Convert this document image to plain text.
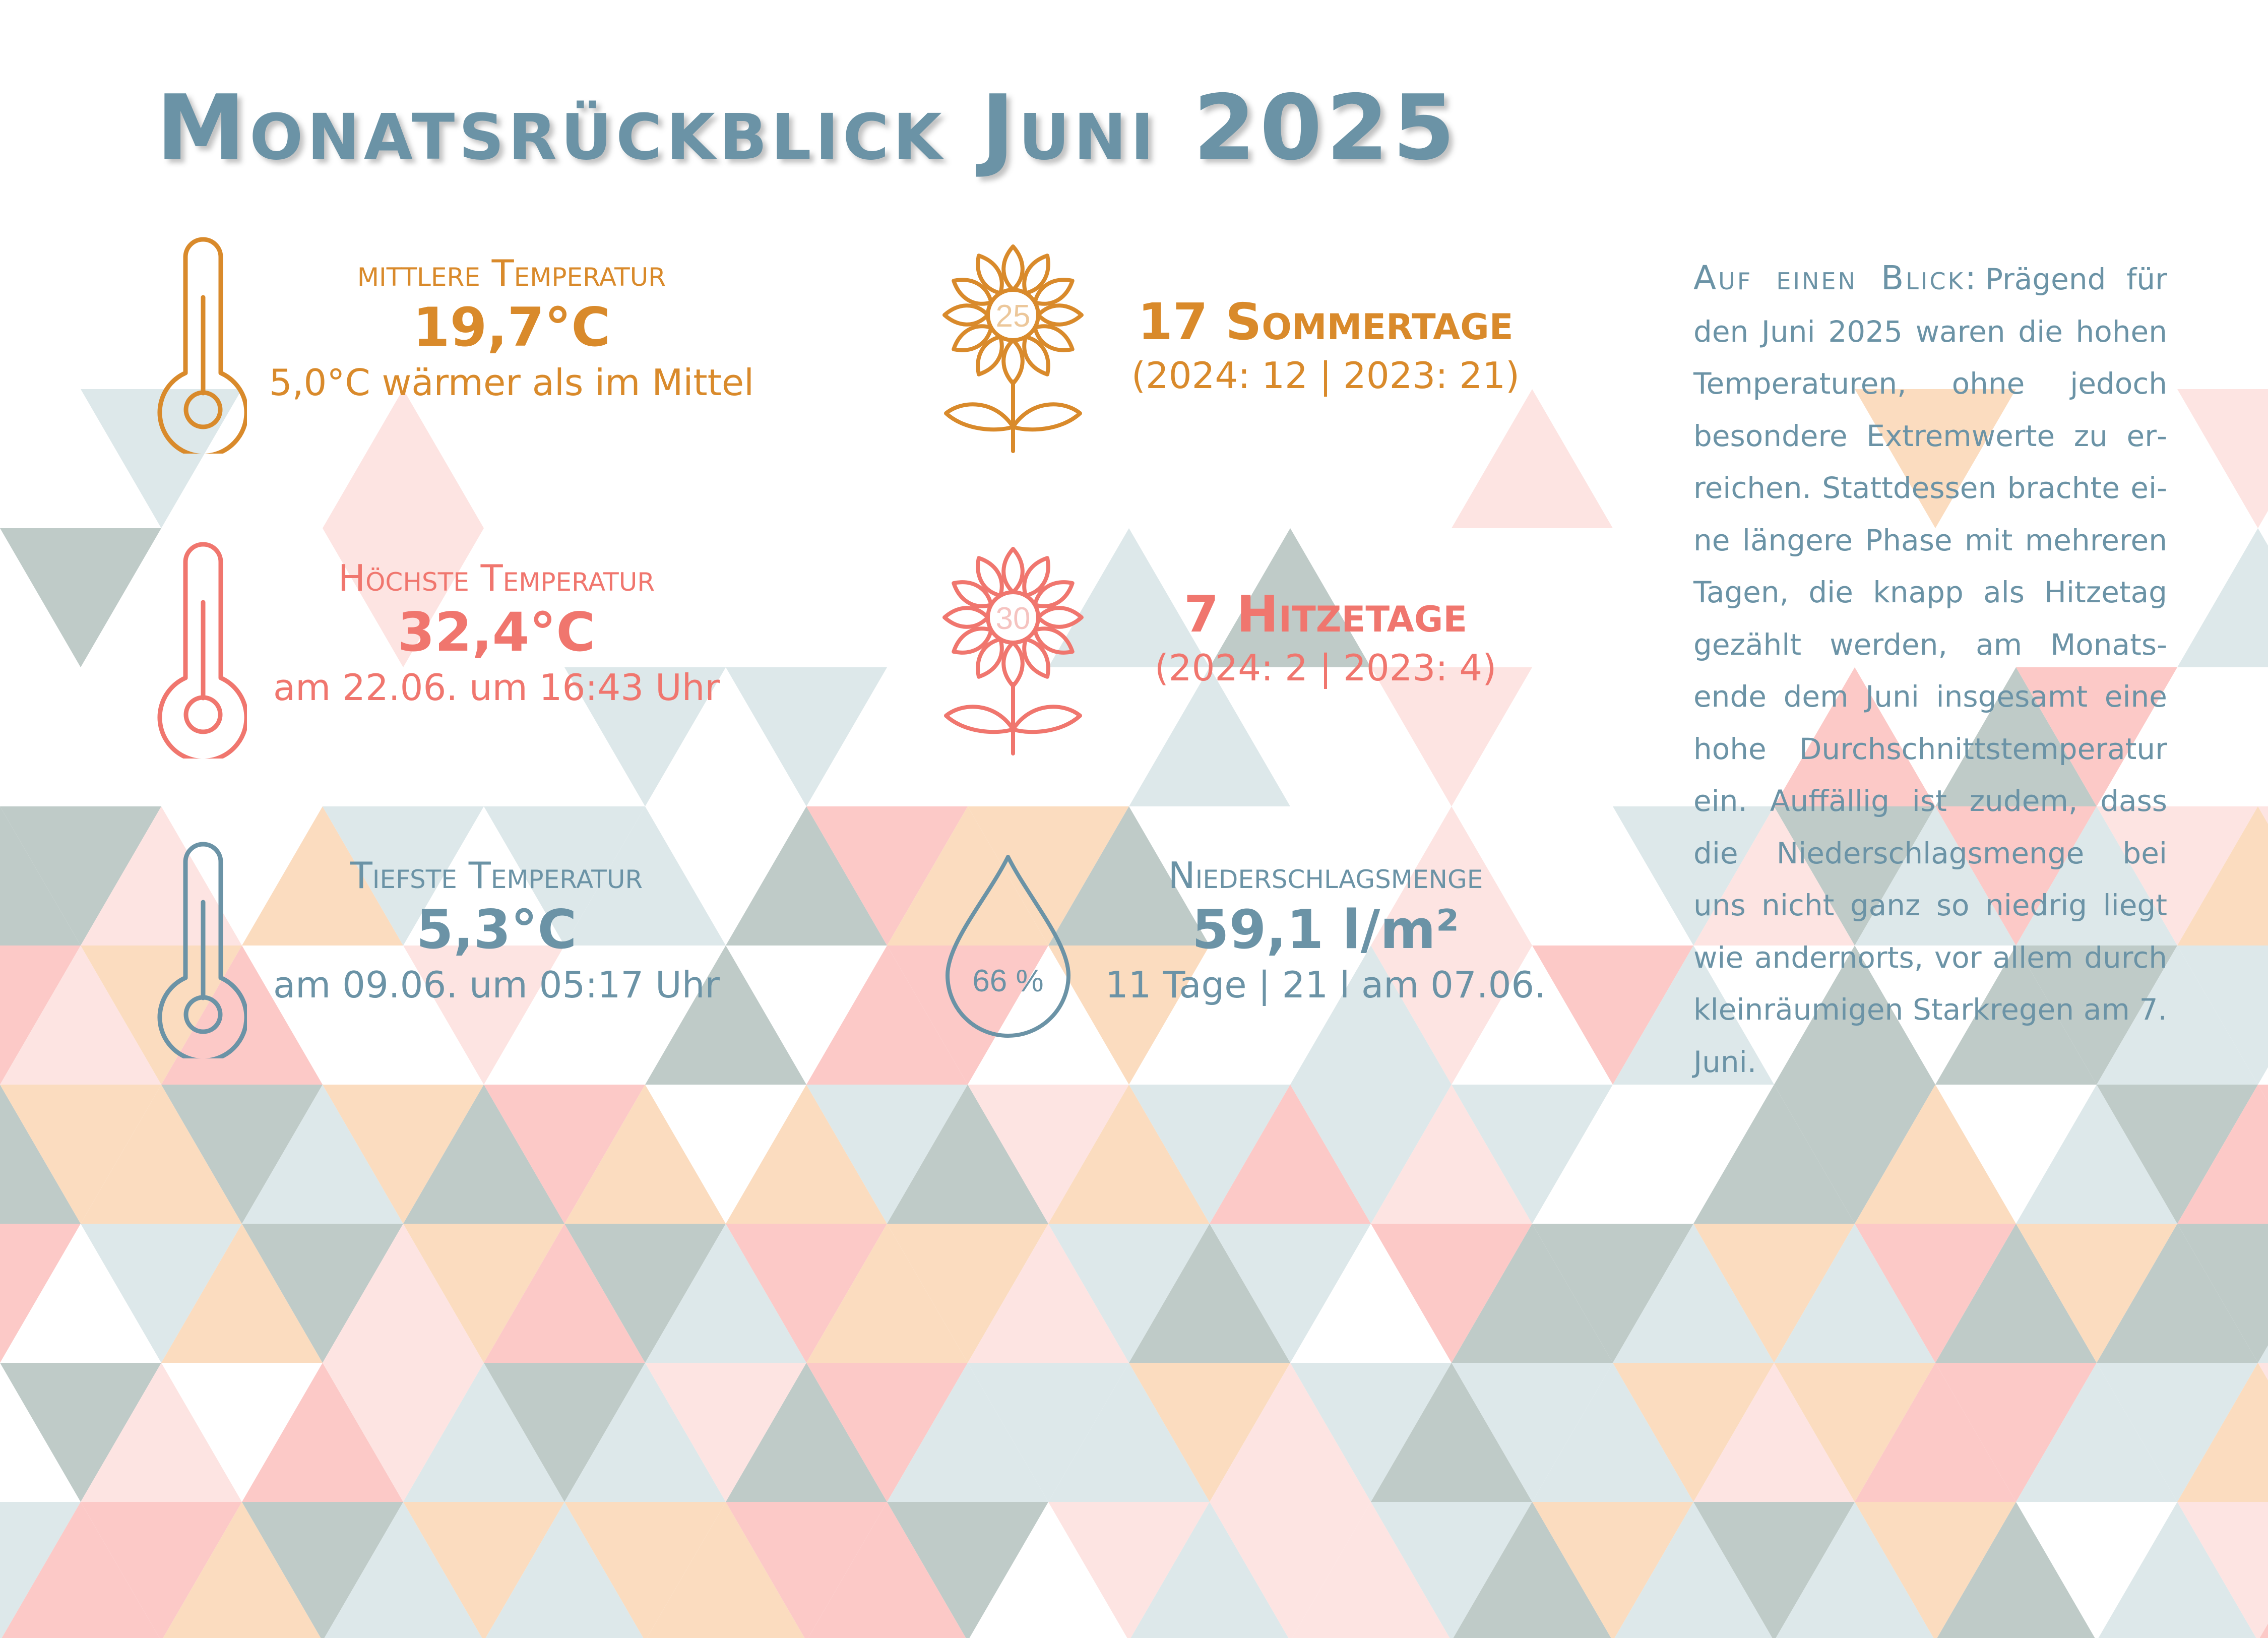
Monatsrückblick Juni 2025
mittlere Temperatur
19,7°C
5,0°C wärmer als im Mittel
Höchste Temperatur
32,4°C
am 22.06. um 16:43 Uhr
Tiefste Temperatur
5,3°C
am 09.06. um 05:17 Uhr
25	17 Sommertage
(2024: 12 | 2023: 21)
30	7 Hitzetage
(2024: 2 | 2023: 4)
66 %
Niederschlagsmenge
59,1 l/m²
11 Tage | 21 l am 07.06.
Auf einen Blick: Prägend für den Juni 2025 waren die hohen Temperaturen, ohne jedoch besondere Extremwerte zu erreichen. Stattdessen brachte eine längere Phase mit mehreren Tagen, die knapp als Hitzetag gezählt werden, am Monatsende dem Juni insgesamt eine hohe Durchschnittstemperatur ein. Auffällig ist zudem, dass die Niederschlagsmenge bei uns nicht ganz so niedrig liegt wie andernorts, vor allem durch kleinräumigen Starkregen am 7. Juni.
